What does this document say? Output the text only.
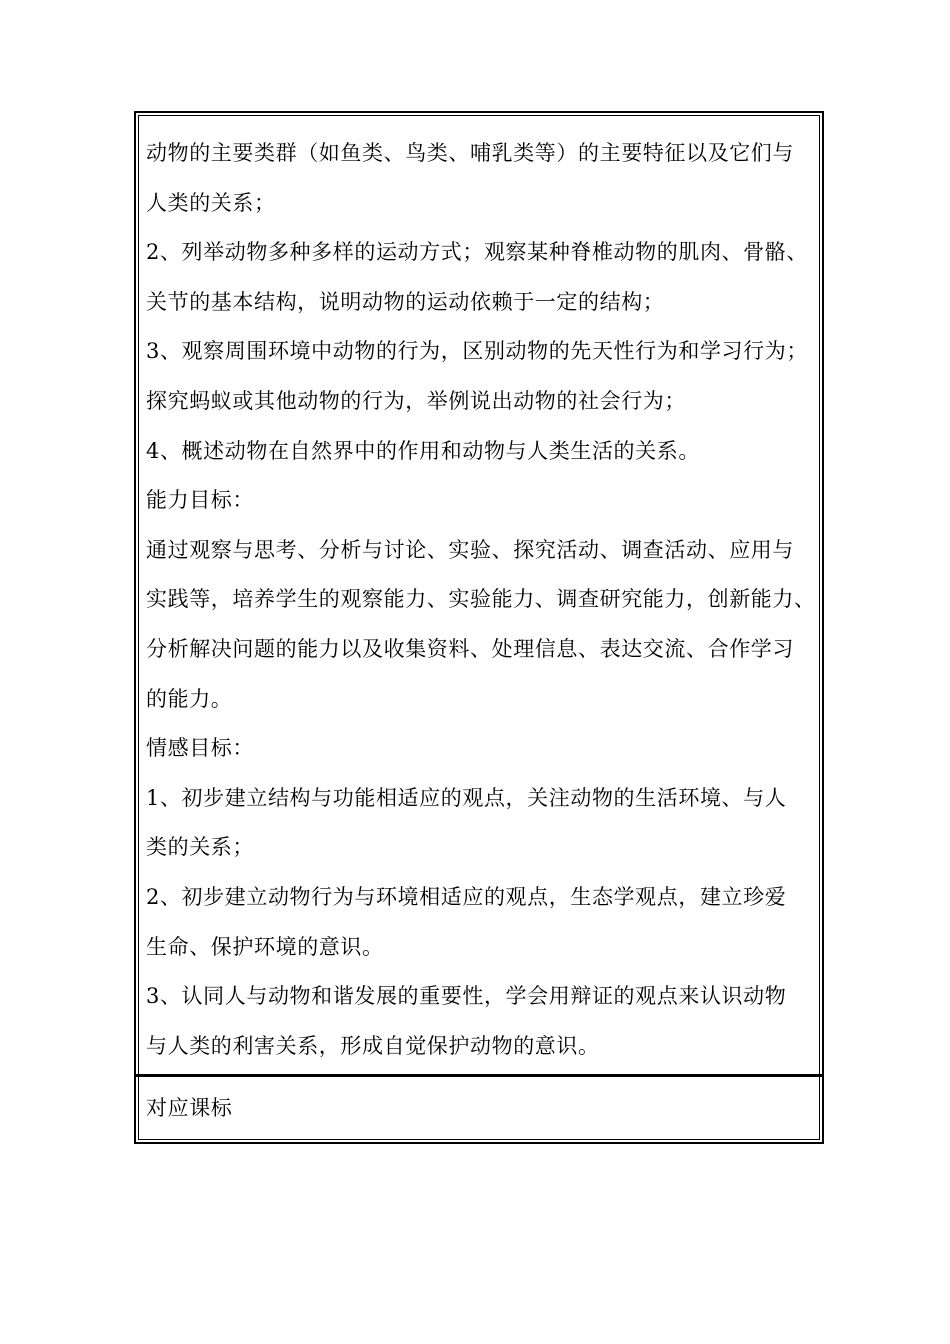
动物的主要类群（如鱼类、鸟类、哺乳类等）的主要特征以及它们与
人类的关系；
2、列举动物多种多样的运动方式；观察某种脊椎动物的肌肉、骨骼、
关节的基本结构，说明动物的运动依赖于一定的结构；
3、观察周围环境中动物的行为，区别动物的先天性行为和学习行为；
探究蚂蚁或其他动物的行为，举例说出动物的社会行为；
4、概述动物在自然界中的作用和动物与人类生活的关系。
能力目标：
通过观察与思考、分析与讨论、实验、探究活动、调查活动、应用与
实践等，培养学生的观察能力、实验能力、调查研究能力，创新能力、
分析解决问题的能力以及收集资料、处理信息、表达交流、合作学习
的能力。
情感目标：
1、初步建立结构与功能相适应的观点，关注动物的生活环境、与人
类的关系；
2、初步建立动物行为与环境相适应的观点，生态学观点，建立珍爱
生命、保护环境的意识。
3、认同人与动物和谐发展的重要性，学会用辩证的观点来认识动物
与人类的利害关系，形成自觉保护动物的意识。
对应课标
